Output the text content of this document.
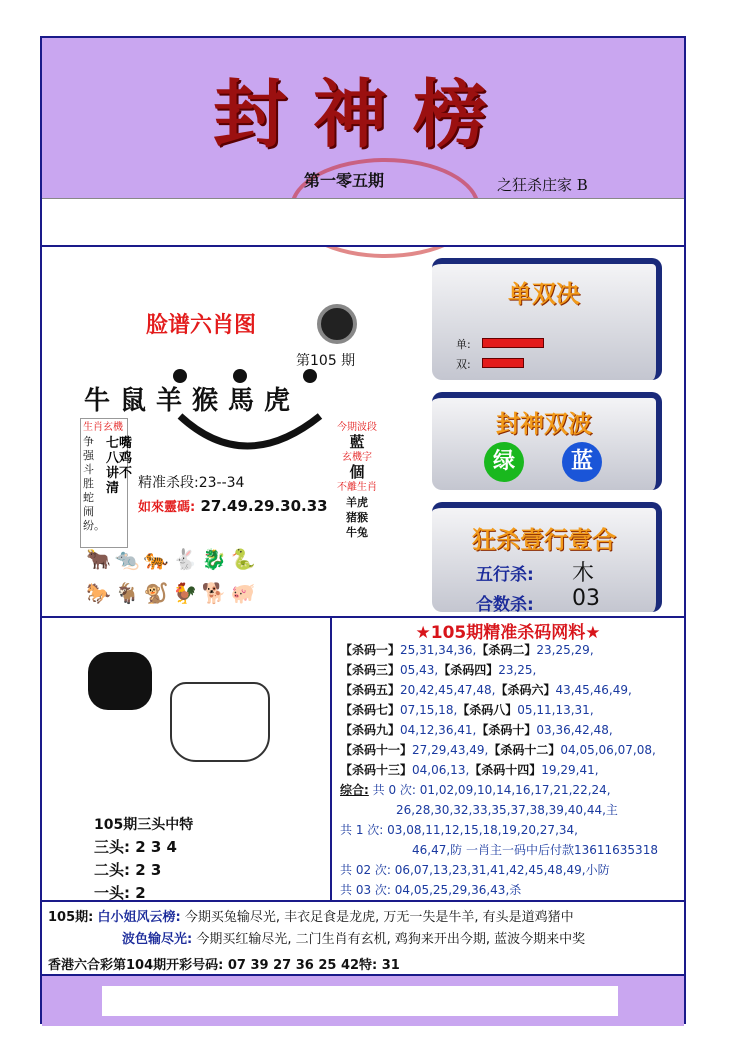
封神榜
第一零五期	之狂杀庄家 B
脸谱六肖图
第105 期
牛鼠羊猴馬虎
生肖玄機
争强斗胜蛇闹纷。
七嘴八鸡讲不清
今期波段
藍
玄機字
個
不離生肖
羊虎猪猴牛兔
精准杀段:23--34
如來靈碼: 27.49.29.30.33
🐂🐀🐅🐇🐉🐍
🐎🐐🐒🐓🐕🐖
单双决
单:
双:
封神双波
绿	蓝
狂杀壹行壹合
五行杀: 木
合数杀: 03
105期三头中特
三头: 2 3 4
二头: 2 3
一头: 2
★105期精准杀码网料★
【杀码一】25,31,34,36,【杀码二】23,25,29,
【杀码三】05,43,【杀码四】23,25,
【杀码五】20,42,45,47,48,【杀码六】43,45,46,49,
【杀码七】07,15,18,【杀码八】05,11,13,31,
【杀码九】04,12,36,41,【杀码十】03,36,42,48,
【杀码十一】27,29,43,49,【杀码十二】04,05,06,07,08,
【杀码十三】04,06,13,【杀码十四】19,29,41,
综合: 共 0 次: 01,02,09,10,14,16,17,21,22,24,
26,28,30,32,33,35,37,38,39,40,44,主
共 1 次: 03,08,11,12,15,18,19,20,27,34,
46,47,防 一肖主一码中后付款13611635318
共 02 次: 06,07,13,23,31,41,42,45,48,49,小防
共 03 次: 04,05,25,29,36,43,杀
105期: 白小姐风云榜: 今期买兔输尽光, 丰衣足食是龙虎, 万无一失是牛羊, 有头是道鸡猪中
波色输尽光: 今期买红输尽光, 二门生肖有玄机, 鸡狗来开出今期, 蓝波今期来中奖
香港六合彩第104期开彩号码: 07 39 27 36 25 42特: 31
